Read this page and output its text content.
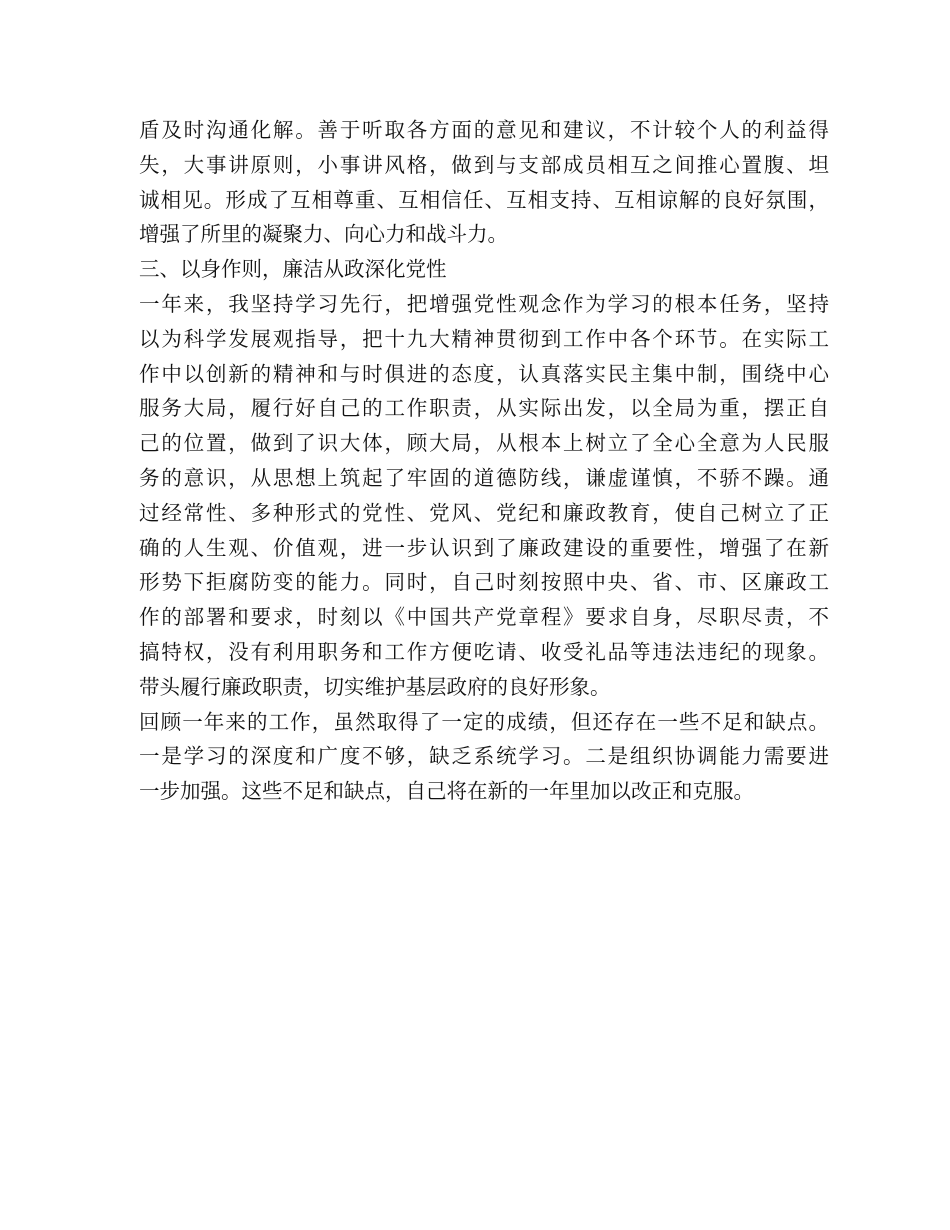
盾及时沟通化解。善于听取各方面的意见和建议，不计较个人的利益得
失，大事讲原则，小事讲风格，做到与支部成员相互之间推心置腹、坦
诚相见。形成了互相尊重、互相信任、互相支持、互相谅解的良好氛围，
增强了所里的凝聚力、向心力和战斗力。
三、以身作则，廉洁从政深化党性
一年来，我坚持学习先行，把增强党性观念作为学习的根本任务，坚持
以为科学发展观指导，把十九大精神贯彻到工作中各个环节。在实际工
作中以创新的精神和与时俱进的态度，认真落实民主集中制，围绕中心
服务大局，履行好自己的工作职责，从实际出发，以全局为重，摆正自
己的位置，做到了识大体，顾大局，从根本上树立了全心全意为人民服
务的意识，从思想上筑起了牢固的道德防线，谦虚谨慎，不骄不躁。通
过经常性、多种形式的党性、党风、党纪和廉政教育，使自己树立了正
确的人生观、价值观，进一步认识到了廉政建设的重要性，增强了在新
形势下拒腐防变的能力。同时，自己时刻按照中央、省、市、区廉政工
作的部署和要求，时刻以《中国共产党章程》要求自身，尽职尽责，不
搞特权，没有利用职务和工作方便吃请、收受礼品等违法违纪的现象。
带头履行廉政职责，切实维护基层政府的良好形象。
回顾一年来的工作，虽然取得了一定的成绩，但还存在一些不足和缺点。
一是学习的深度和广度不够，缺乏系统学习。二是组织协调能力需要进
一步加强。这些不足和缺点，自己将在新的一年里加以改正和克服。
